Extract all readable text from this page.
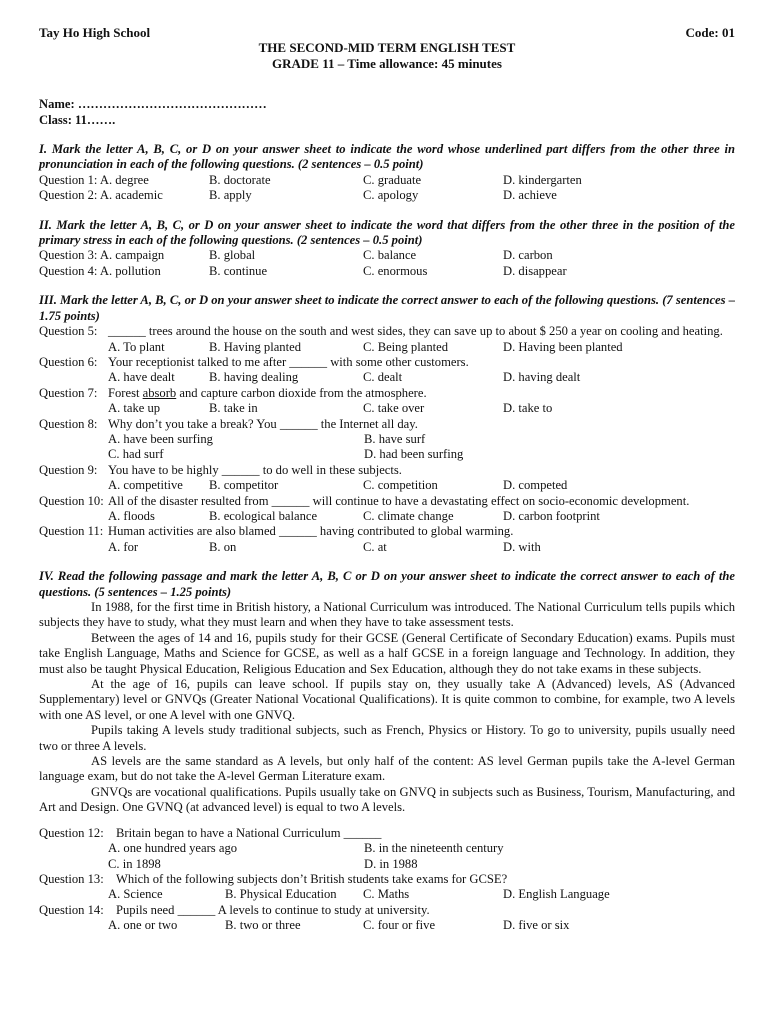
Tay Ho High School	Code: 01
THE SECOND-MID TERM ENGLISH TEST
GRADE 11 – Time allowance: 45 minutes
Name: ………………………………………
Class: 11…….
I. Mark the letter A, B, C, or D on your answer sheet to indicate the word whose underlined part differs from the other three in pronunciation in each of the following questions. (2 sentences – 0.5 point)
Question 1: A. degree	B. doctorate	C. graduate	D. kindergarten
Question 2: A. academic	B. apply	C. apology	D. achieve
II. Mark the letter A, B, C, or D on your answer sheet to indicate the word that differs from the other three in the position of the primary stress in each of the following questions. (2 sentences – 0.5 point)
Question 3: A. campaign	B. global	C. balance	D. carbon
Question 4: A. pollution	B. continue	C. enormous	D. disappear
III. Mark the letter A, B, C, or D on your answer sheet to indicate the correct answer to each of the following questions. (7 sentences – 1.75 points)
Question 5: ______ trees around the house on the south and west sides, they can save up to about $ 250 a year on cooling and heating.
A. To plant	B. Having planted	C. Being planted	D. Having been planted
Question 6: Your receptionist talked to me after ______ with some other customers.
A. have dealt	B. having dealing	C. dealt	D. having dealt
Question 7: Forest absorb and capture carbon dioxide from the atmosphere.
A. take up	B. take in	C. take over	D. take to
Question 8: Why don’t you take a break? You ______ the Internet all day.
A. have been surfing	B. have surf
C. had surf	D. had been surfing
Question 9: You have to be highly ______ to do well in these subjects.
A. competitive	B. competitor	C. competition	D. competed
Question 10: All of the disaster resulted from ______ will continue to have a devastating effect on socio-economic development.
A. floods	B. ecological balance	C. climate change	D. carbon footprint
Question 11: Human activities are also blamed ______ having contributed to global warming.
A. for	B. on	C. at	D. with
IV. Read the following passage and mark the letter A, B, C or D on your answer sheet to indicate the correct answer to each of the questions. (5 sentences – 1.25 points)

In 1988, for the first time in British history, a National Curriculum was introduced. The National Curriculum tells pupils which subjects they have to study, what they must learn and when they have to take assessment tests.

Between the ages of 14 and 16, pupils study for their GCSE (General Certificate of Secondary Education) exams. Pupils must take English Language, Maths and Science for GCSE, as well as a half GCSE in a foreign language and Technology. In addition, they must also be taught Physical Education, Religious Education and Sex Education, although they do not take exams in these subjects.

At the age of 16, pupils can leave school. If pupils stay on, they usually take A (Advanced) levels, AS (Advanced Supplementary) level or GNVQs (Greater National Vocational Qualifications). It is quite common to combine, for example, two A levels with one AS level, or one A level with one GNVQ.

Pupils taking A levels study traditional subjects, such as French, Physics or History. To go to university, pupils usually need two or three A levels.

AS levels are the same standard as A levels, but only half of the content: AS level German pupils take the A-level German language exam, but do not take the A-level German Literature exam.

GNVQs are vocational qualifications. Pupils usually take on GNVQ in subjects such as Business, Tourism, Manufacturing, and Art and Design. One GVNQ (at advanced level) is equal to two A levels.

Question 12: Britain began to have a National Curriculum ______
A. one hundred years ago	B. in the nineteenth century
C. in 1898	D. in 1988
Question 13: Which of the following subjects don’t British students take exams for GCSE?
A. Science	B. Physical Education	C. Maths	D. English Language
Question 14: Pupils need ______ A levels to continue to study at university.
A. one or two	B. two or three	C. four or five	D. five or six
